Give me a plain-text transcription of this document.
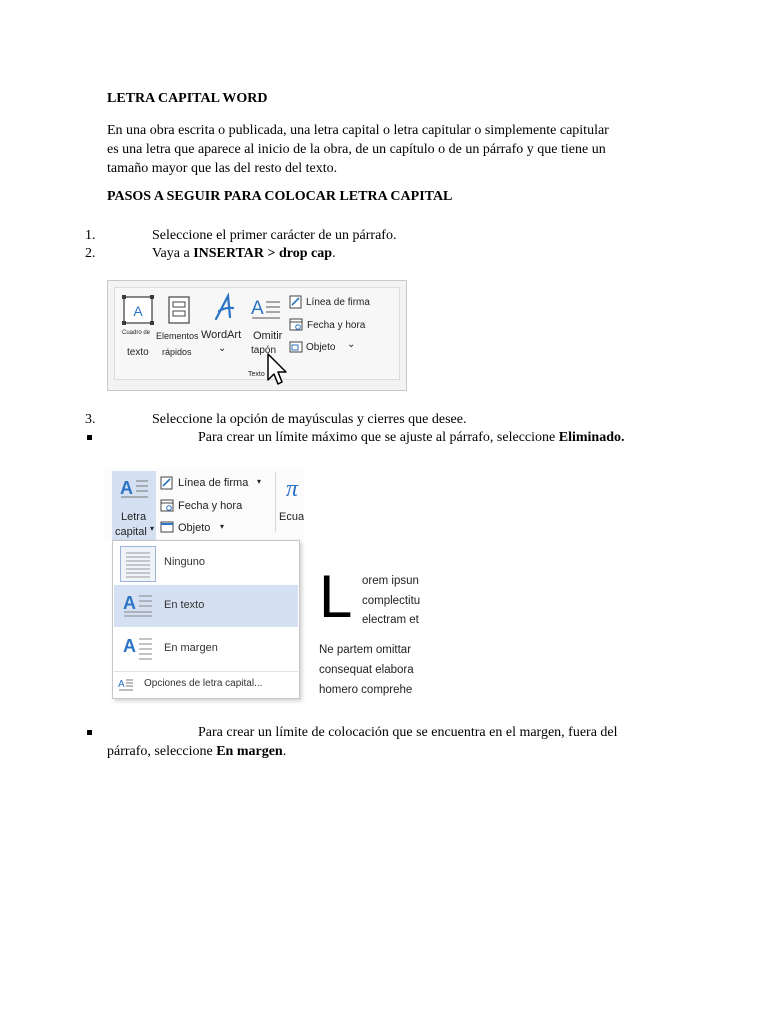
LETRA CAPITAL WORD
En una obra escrita o publicada, una letra capital o letra capitular o simplemente capitular
es una letra que aparece al inicio de la obra, de un capítulo o de un párrafo y que tiene un
tamaño mayor que las del resto del texto.
PASOS A SEGUIR PARA COLOCAR LETRA CAPITAL
1.	Seleccione el primer carácter de un párrafo.
2.	Vaya a INSERTAR > drop cap.
A
Cuadro de
texto
Elementos
rápidos
WordArt
⌄
A
Omitir
tapón
Línea de firma
Fecha y hora
Objeto ⌄
Texto
3.	Seleccione la opción de mayúsculas y cierres que desee.
Para crear un límite máximo que se ajuste al párrafo, seleccione Eliminado.
A
Letra
capital ▾
Línea de firma ▾
Fecha y hora
Objeto ▾
π
Ecua
Ninguno
A	En texto
A	En margen
A Opciones de letra capital...
L orem ipsun
complectitu
electram et
Ne partem omittar
consequat elabora
homero comprehe
Para crear un límite de colocación que se encuentra en el margen, fuera del
párrafo, seleccione En margen.
